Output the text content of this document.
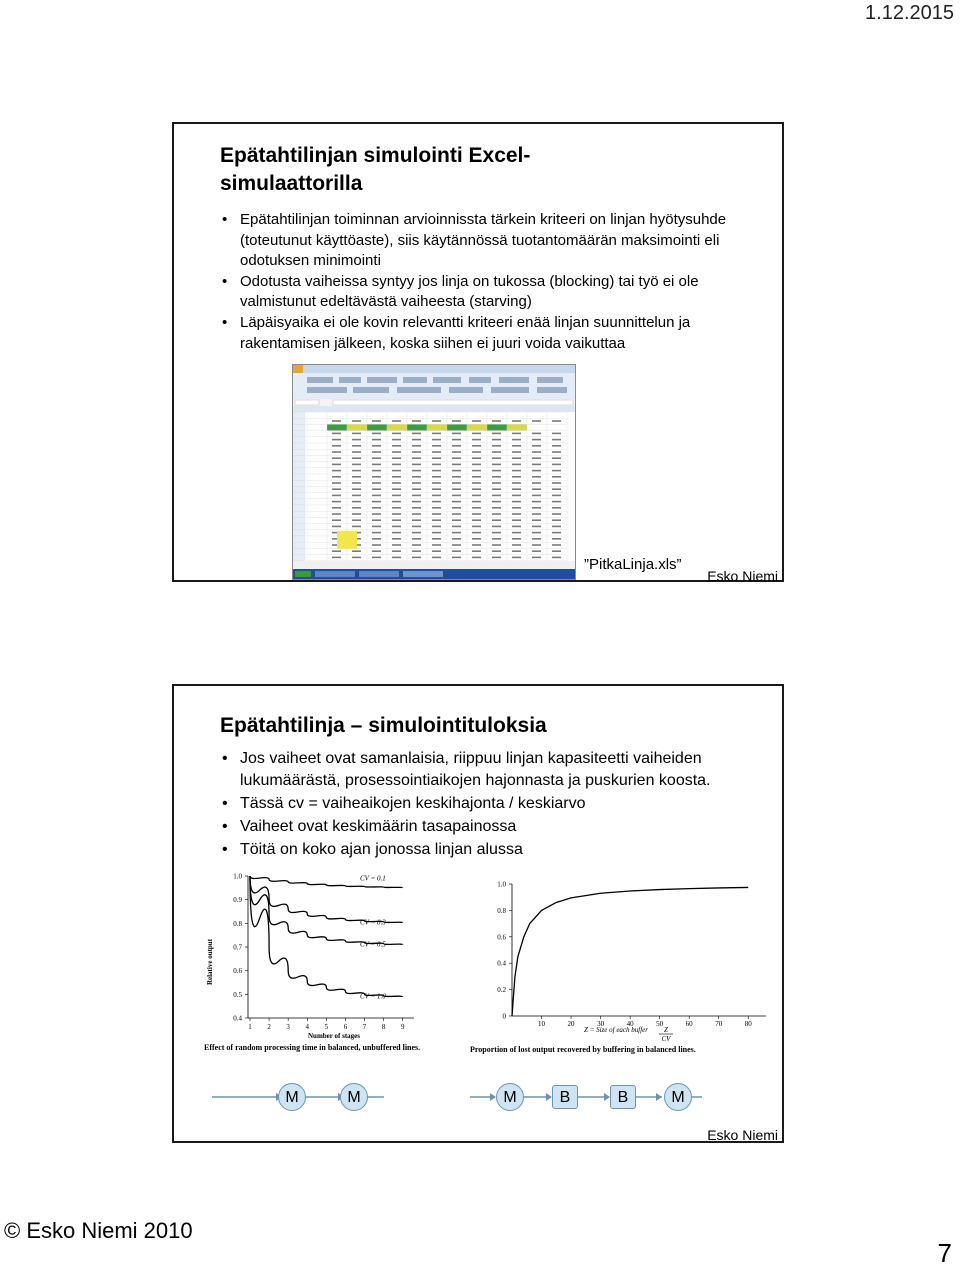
1.12.2015
Epätahtilinjan simulointi Excel-
simulaattorilla
• Epätahtilinjan toiminnan arvioinnissta tärkein kriteeri on linjan hyötysuhde (toteutunut käyttöaste), siis käytännössä tuotantomäärän maksimointi eli odotuksen minimointi
• Odotusta vaiheissa syntyy jos linja on tukossa (blocking) tai työ ei ole valmistunut edeltävästä vaiheesta (starving)
• Läpäisyaika ei ole kovin relevantti kriteeri enää linjan suunnittelun ja rakentamisen jälkeen, koska siihen ei juuri voida vaikuttaa
”PitkaLinja.xls”
Esko Niemi
Epätahtilinja – simulointituloksia
• Jos vaiheet ovat samanlaisia, riippuu linjan kapasiteetti vaiheiden lukumäärästä, prosessointiaikojen hajonnasta ja puskurien koosta.
• Tässä cv = vaiheaikojen keskihajonta / keskiarvo
• Vaiheet ovat keskimäärin tasapainossa
• Töitä on koko ajan jonossa linjan alussa
0.4
0.5
0.6
0.7
0.8
0.9
1.0
1 2 3 4 5 6 7 8 9
CV = 0.1
CV = 0.3
CV = 0.5
CV = 1.0
Relative output
Number of stages
Effect of random processing time in balanced, unbuffered lines.
0
0.2
0.4
0.6
0.8
1.0
10	20	30	40	50	60	70	80
Z = Size of each buffer Z
CV
Proportion of lost output recovered by buffering in balanced lines.
M	M	M	B	B	M
Esko Niemi
© Esko Niemi 2010
7
